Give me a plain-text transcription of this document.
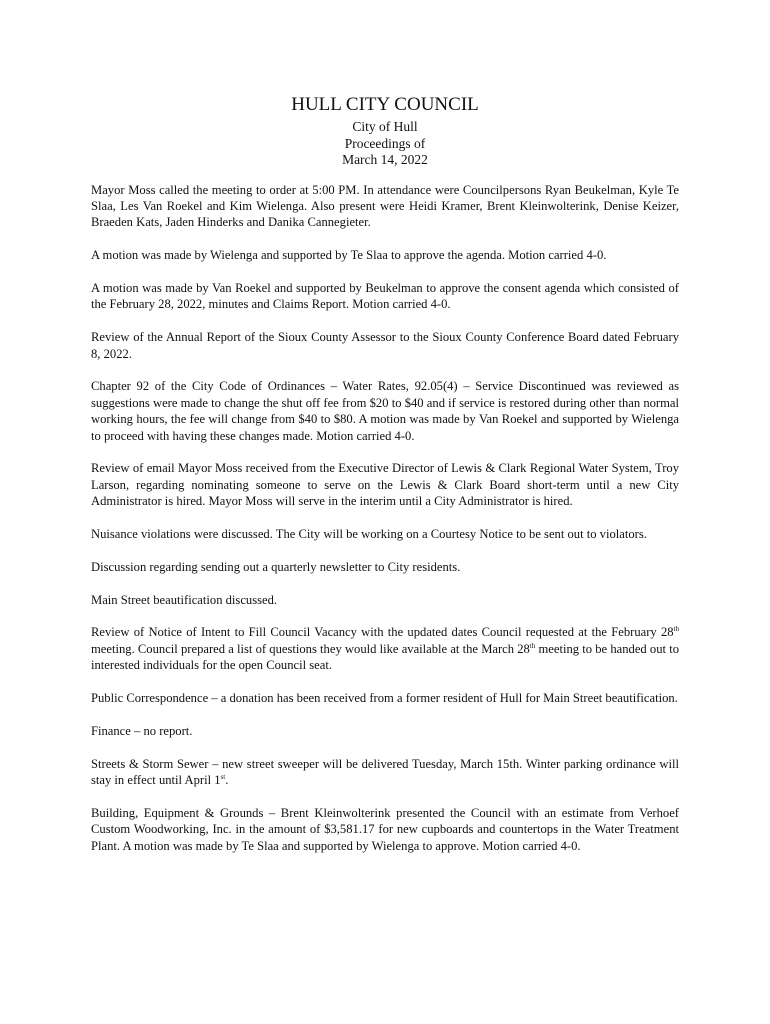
HULL CITY COUNCIL
City of Hull
Proceedings of
March 14, 2022

Mayor Moss called the meeting to order at 5:00 PM. In attendance were Councilpersons Ryan Beukelman, Kyle Te Slaa, Les Van Roekel and Kim Wielenga. Also present were Heidi Kramer, Brent Kleinwolterink, Denise Keizer, Braeden Kats, Jaden Hinderks and Danika Cannegieter.

A motion was made by Wielenga and supported by Te Slaa to approve the agenda. Motion carried 4-0.

A motion was made by Van Roekel and supported by Beukelman to approve the consent agenda which consisted of the February 28, 2022, minutes and Claims Report. Motion carried 4-0.

Review of the Annual Report of the Sioux County Assessor to the Sioux County Conference Board dated February 8, 2022.

Chapter 92 of the City Code of Ordinances – Water Rates, 92.05(4) – Service Discontinued was reviewed as suggestions were made to change the shut off fee from $20 to $40 and if service is restored during other than normal working hours, the fee will change from $40 to $80. A motion was made by Van Roekel and supported by Wielenga to proceed with having these changes made. Motion carried 4-0.

Review of email Mayor Moss received from the Executive Director of Lewis & Clark Regional Water System, Troy Larson, regarding nominating someone to serve on the Lewis & Clark Board short-term until a new City Administrator is hired. Mayor Moss will serve in the interim until a City Administrator is hired.

Nuisance violations were discussed. The City will be working on a Courtesy Notice to be sent out to violators.

Discussion regarding sending out a quarterly newsletter to City residents.

Main Street beautification discussed.

Review of Notice of Intent to Fill Council Vacancy with the updated dates Council requested at the February 28th meeting. Council prepared a list of questions they would like available at the March 28th meeting to be handed out to interested individuals for the open Council seat.

Public Correspondence – a donation has been received from a former resident of Hull for Main Street beautification.

Finance – no report.

Streets & Storm Sewer – new street sweeper will be delivered Tuesday, March 15th. Winter parking ordinance will stay in effect until April 1st.

Building, Equipment & Grounds – Brent Kleinwolterink presented the Council with an estimate from Verhoef Custom Woodworking, Inc. in the amount of $3,581.17 for new cupboards and countertops in the Water Treatment Plant. A motion was made by Te Slaa and supported by Wielenga to approve. Motion carried 4-0.
